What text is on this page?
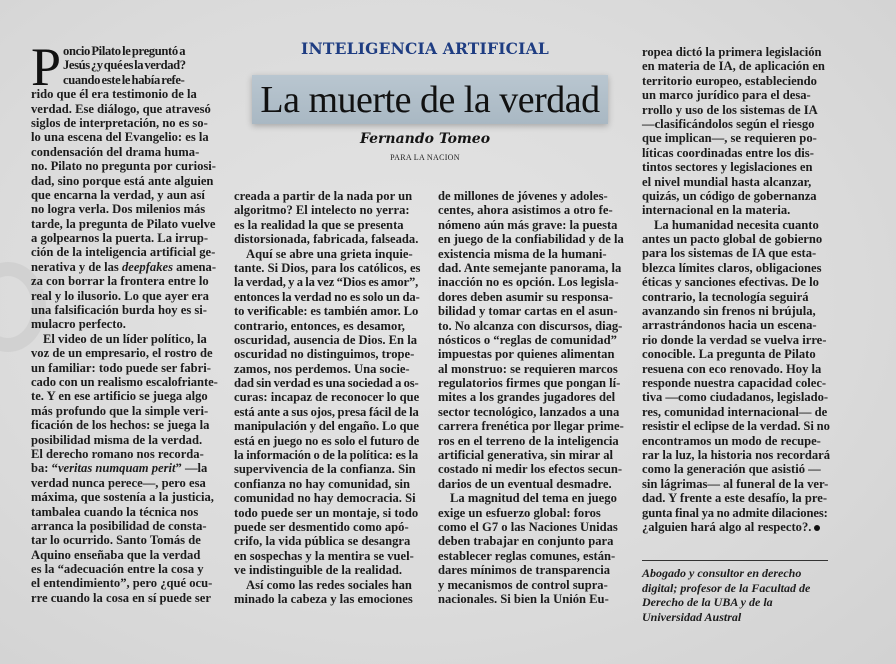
INTELIGENCIA ARTIFICIAL
La muerte de la verdad
Fernando Tomeo
PARA LA NACION
P oncio Pilato le preguntó a
Jesús ¿y qué es la verdad?
cuando este le había refe-
rido que él era testimonio de la
verdad. Ese diálogo, que atravesó
siglos de interpretación, no es so-
lo una escena del Evangelio: es la
condensación del drama huma-
no. Pilato no pregunta por curiosi-
dad, sino porque está ante alguien
que encarna la verdad, y aun así
no logra verla. Dos milenios más
tarde, la pregunta de Pilato vuelve
a golpearnos la puerta. La irrup-
ción de la inteligencia artificial ge-
nerativa y de las deepfakes amena-
za con borrar la frontera entre lo
real y lo ilusorio. Lo que ayer era
una falsificación burda hoy es si-
mulacro perfecto.
El video de un líder político, la
voz de un empresario, el rostro de
un familiar: todo puede ser fabri-
cado con un realismo escalofriante-
te. Y en ese artificio se juega algo
más profundo que la simple veri-
ficación de los hechos: se juega la
posibilidad misma de la verdad.
El derecho romano nos recorda-
ba: “veritas numquam perit” —la
verdad nunca perece—, pero esa
máxima, que sostenía a la justicia,
tambalea cuando la técnica nos
arranca la posibilidad de consta-
tar lo ocurrido. Santo Tomás de
Aquino enseñaba que la verdad
es la “adecuación entre la cosa y
el entendimiento”, pero ¿qué ocu-
rre cuando la cosa en sí puede ser
creada a partir de la nada por un
algoritmo? El intelecto no yerra:
es la realidad la que se presenta
distorsionada, fabricada, falseada.
Aquí se abre una grieta inquie-
tante. Si Dios, para los católicos, es
la verdad, y a la vez “Dios es amor”,
entonces la verdad no es solo un da-
to verificable: es también amor. Lo
contrario, entonces, es desamor,
oscuridad, ausencia de Dios. En la
oscuridad no distinguimos, trope-
zamos, nos perdemos. Una socie-
dad sin verdad es una sociedad a os-
curas: incapaz de reconocer lo que
está ante a sus ojos, presa fácil de la
manipulación y del engaño. Lo que
está en juego no es solo el futuro de
la información o de la política: es la
supervivencia de la confianza. Sin
confianza no hay comunidad, sin
comunidad no hay democracia. Si
todo puede ser un montaje, si todo
puede ser desmentido como apó-
crifo, la vida pública se desangra
en sospechas y la mentira se vuel-
ve indistinguible de la realidad.
Así como las redes sociales han
minado la cabeza y las emociones
de millones de jóvenes y adoles-
centes, ahora asistimos a otro fe-
nómeno aún más grave: la puesta
en juego de la confiabilidad y de la
existencia misma de la humani-
dad. Ante semejante panorama, la
inacción no es opción. Los legisla-
dores deben asumir su responsa-
bilidad y tomar cartas en el asun-
to. No alcanza con discursos, diag-
nósticos o “reglas de comunidad”
impuestas por quienes alimentan
al monstruo: se requieren marcos
regulatorios firmes que pongan lí-
mites a los grandes jugadores del
sector tecnológico, lanzados a una
carrera frenética por llegar prime-
ros en el terreno de la inteligencia
artificial generativa, sin mirar al
costado ni medir los efectos secun-
darios de un eventual desmadre.
La magnitud del tema en juego
exige un esfuerzo global: foros
como el G7 o las Naciones Unidas
deben trabajar en conjunto para
establecer reglas comunes, están-
dares mínimos de transparencia
y mecanismos de control supra-
nacionales. Si bien la Unión Eu-
ropea dictó la primera legislación
en materia de IA, de aplicación en
territorio europeo, estableciendo
un marco jurídico para el desa-
rrollo y uso de los sistemas de IA
—clasificándolos según el riesgo
que implican—, se requieren po-
líticas coordinadas entre los dis-
tintos sectores y legislaciones en
el nivel mundial hasta alcanzar,
quizás, un código de gobernanza
internacional en la materia.
La humanidad necesita cuanto
antes un pacto global de gobierno
para los sistemas de IA que esta-
blezca límites claros, obligaciones
éticas y sanciones efectivas. De lo
contrario, la tecnología seguirá
avanzando sin frenos ni brújula,
arrastrándonos hacia un escena-
rio donde la verdad se vuelva irre-
conocible. La pregunta de Pilato
resuena con eco renovado. Hoy la
responde nuestra capacidad colec-
tiva —como ciudadanos, legislado-
res, comunidad internacional— de
resistir el eclipse de la verdad. Si no
encontramos un modo de recupe-
rar la luz, la historia nos recordará
como la generación que asistió —
sin lágrimas— al funeral de la ver-
dad. Y frente a este desafío, la pre-
gunta final ya no admite dilaciones:
¿alguien hará algo al respecto?.
Abogado y consultor en derecho
digital; profesor de la Facultad de
Derecho de la UBA y de la
Universidad Austral
